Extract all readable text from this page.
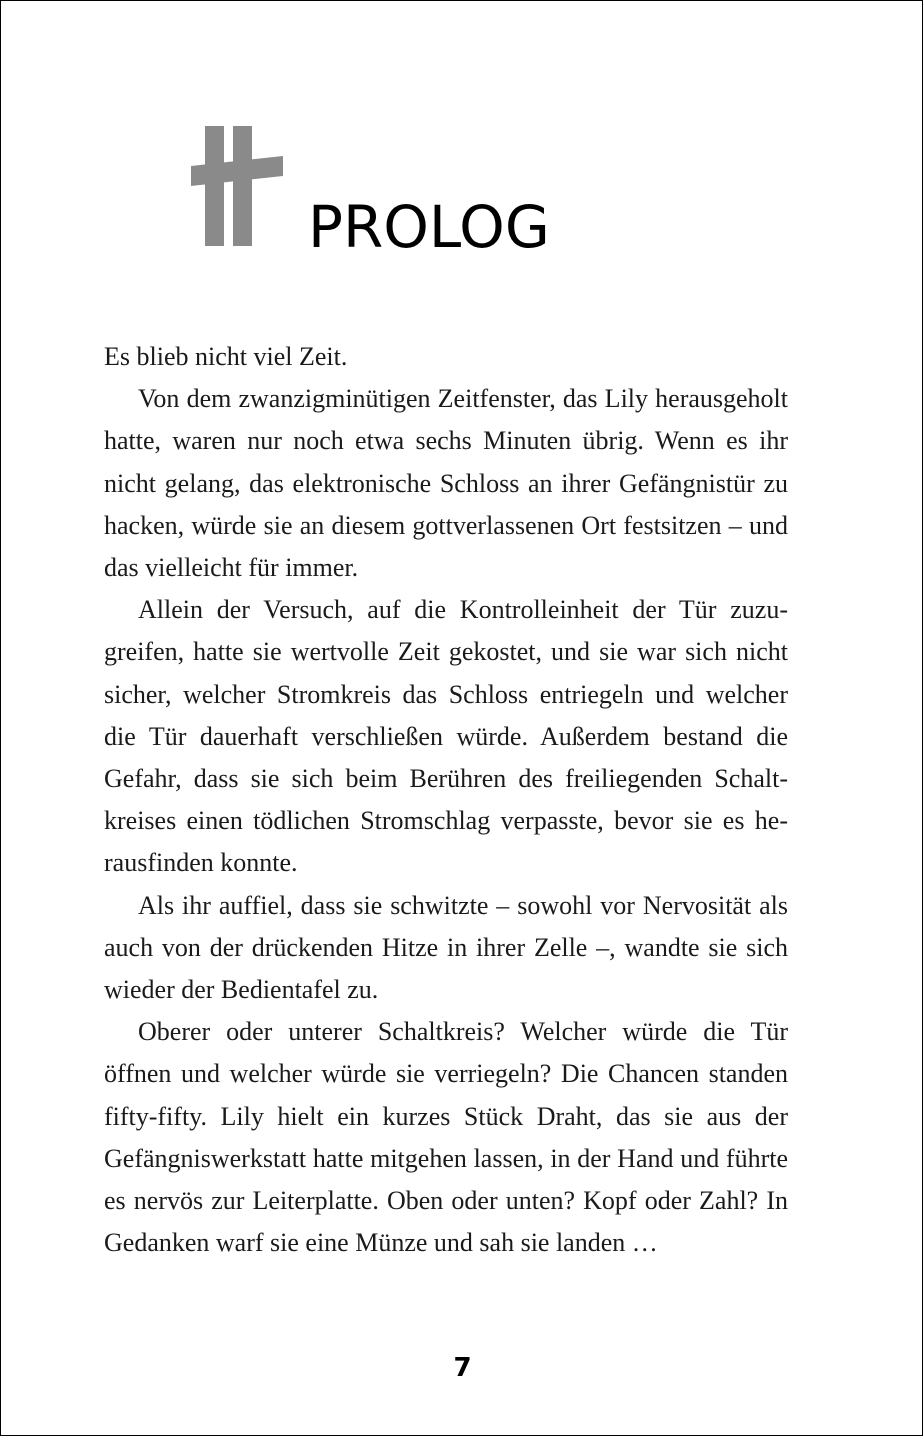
PROLOG

Es blieb nicht viel Zeit.

Von dem zwanzigminütigen Zeitfenster, das Lily herausgeholt hatte, waren nur noch etwa sechs Minuten übrig. Wenn es ihr nicht gelang, das elektronische Schloss an ihrer Gefängnistür zu hacken, würde sie an diesem gottverlassenen Ort festsitzen – und das vielleicht für immer.

Allein der Versuch, auf die Kontrolleinheit der Tür zuzugreifen, hatte sie wertvolle Zeit gekostet, und sie war sich nicht sicher, welcher Stromkreis das Schloss entriegeln und welcher die Tür dauerhaft verschließen würde. Außerdem bestand die Gefahr, dass sie sich beim Berühren des freiliegenden Schaltkreises einen tödlichen Stromschlag verpasste, bevor sie es herausfinden konnte.

Als ihr auffiel, dass sie schwitzte – sowohl vor Nervosität als auch von der drückenden Hitze in ihrer Zelle –, wandte sie sich wieder der Bedientafel zu.

Oberer oder unterer Schaltkreis? Welcher würde die Tür öffnen und welcher würde sie verriegeln? Die Chancen standen fifty-fifty. Lily hielt ein kurzes Stück Draht, das sie aus der Gefängniswerkstatt hatte mitgehen lassen, in der Hand und führte es nervös zur Leiterplatte. Oben oder unten? Kopf oder Zahl? In Gedanken warf sie eine Münze und sah sie landen …

7
